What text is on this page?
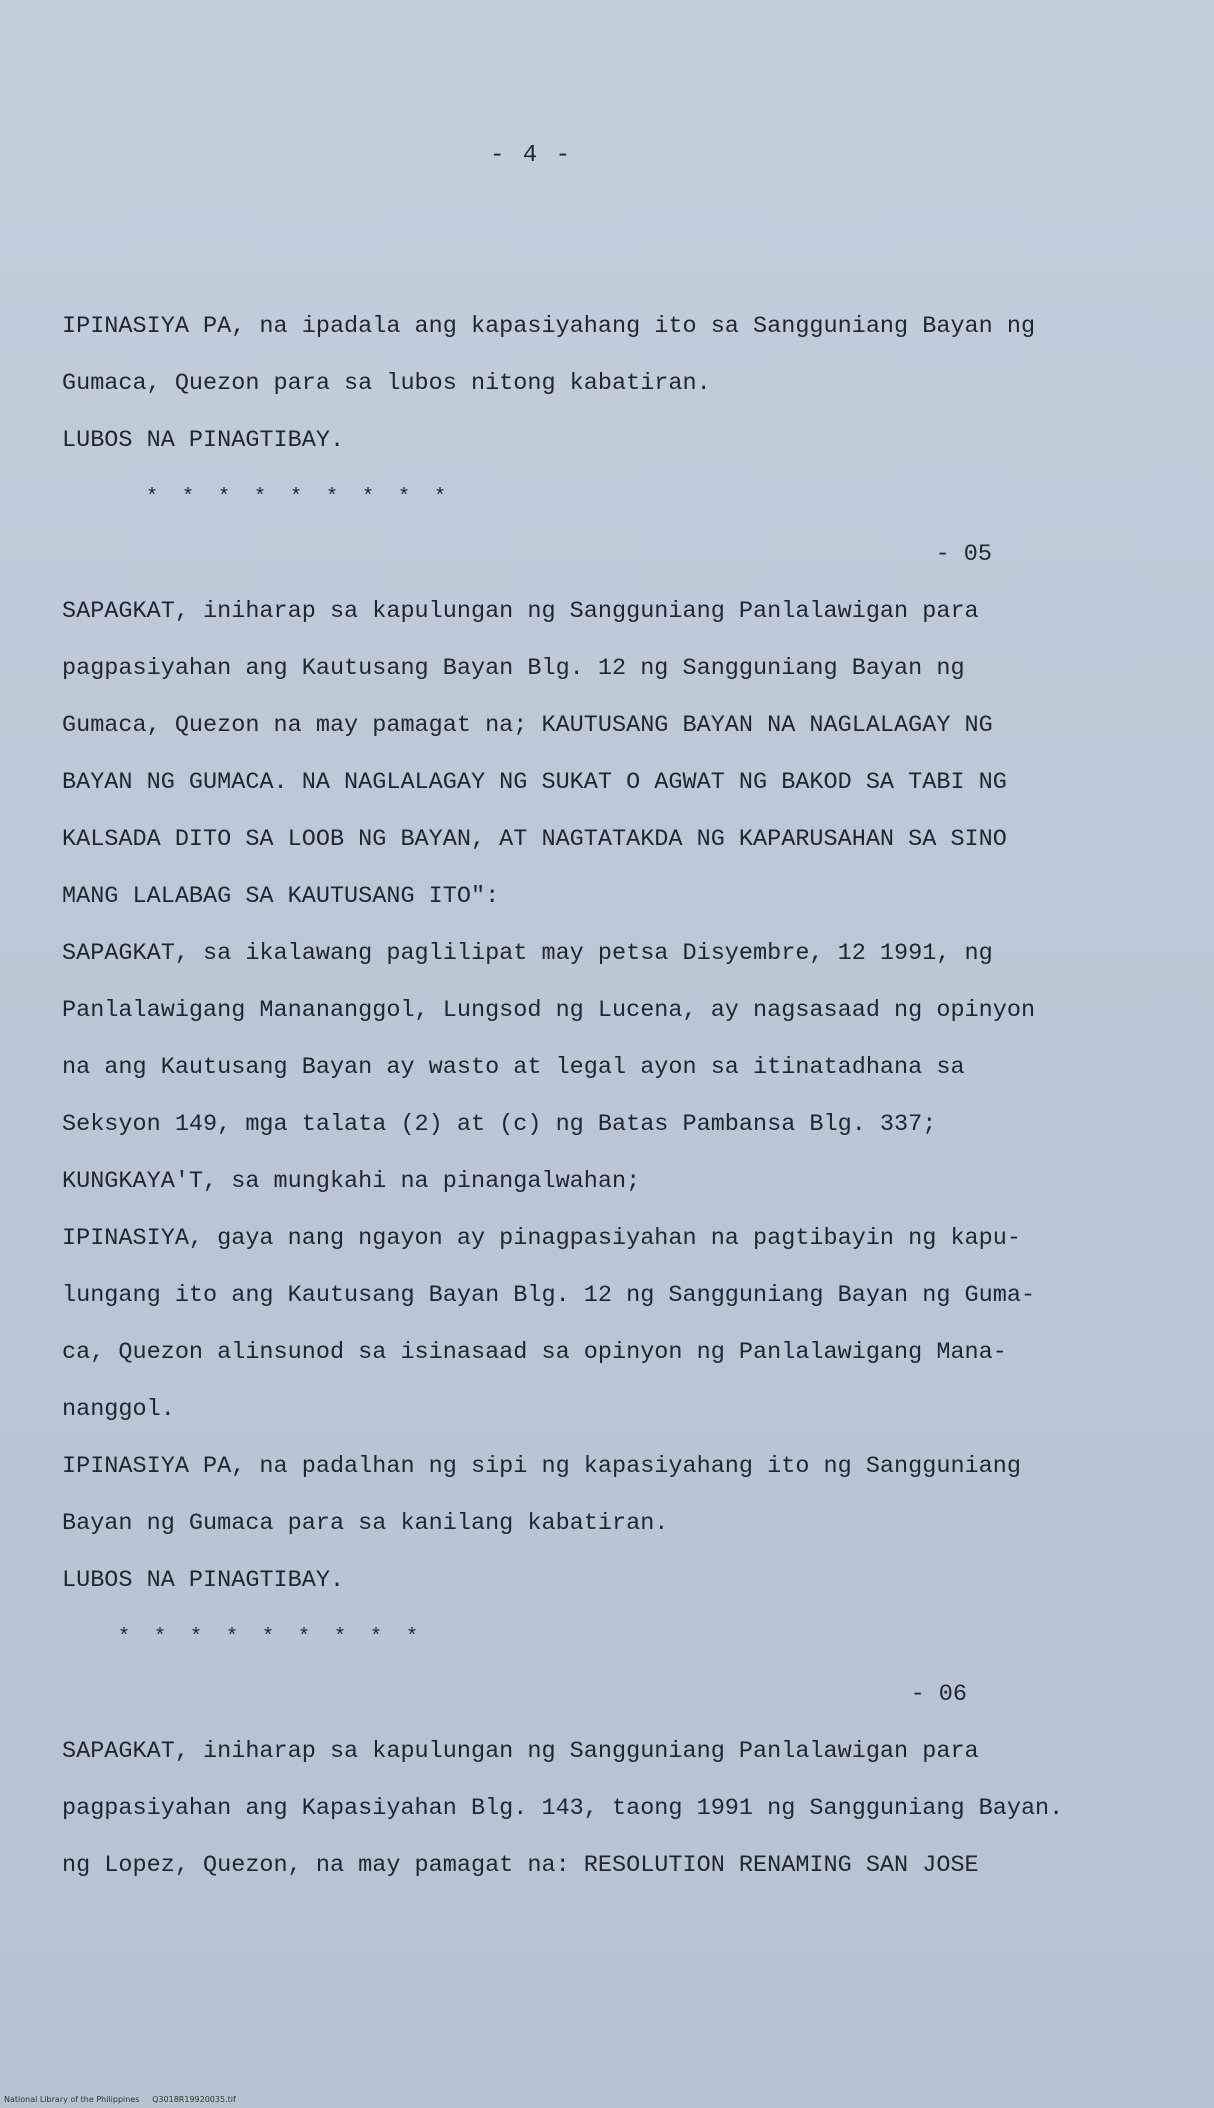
- 4 -
IPINASIYA PA, na ipadala ang kapasiyahang ito sa Sangguniang Bayan ng
Gumaca, Quezon para sa lubos nitong kabatiran.
LUBOS NA PINAGTIBAY.
* * * * * * * * *
- 05
SAPAGKAT, iniharap sa kapulungan ng Sangguniang Panlalawigan para
pagpasiyahan ang Kautusang Bayan Blg. 12 ng Sangguniang Bayan ng
Gumaca, Quezon na may pamagat na; KAUTUSANG BAYAN NA NAGLALAGAY NG
BAYAN NG GUMACA. NA NAGLALAGAY NG SUKAT O AGWAT NG BAKOD SA TABI NG
KALSADA DITO SA LOOB NG BAYAN, AT NAGTATAKDA NG KAPARUSAHAN SA SINO
MANG LALABAG SA KAUTUSANG ITO":
SAPAGKAT, sa ikalawang paglilipat may petsa Disyembre, 12 1991, ng
Panlalawigang Manananggol, Lungsod ng Lucena, ay nagsasaad ng opinyon
na ang Kautusang Bayan ay wasto at legal ayon sa itinatadhana sa
Seksyon 149, mga talata (2) at (c) ng Batas Pambansa Blg. 337;
KUNGKAYA'T, sa mungkahi na pinangalwahan;
IPINASIYA, gaya nang ngayon ay pinagpasiyahan na pagtibayin ng kapu-
lungang ito ang Kautusang Bayan Blg. 12 ng Sangguniang Bayan ng Guma-
ca, Quezon alinsunod sa isinasaad sa opinyon ng Panlalawigang Mana-
nanggol.
IPINASIYA PA, na padalhan ng sipi ng kapasiyahang ito ng Sangguniang
Bayan ng Gumaca para sa kanilang kabatiran.
LUBOS NA PINAGTIBAY.
* * * * * * * * *
- 06
SAPAGKAT, iniharap sa kapulungan ng Sangguniang Panlalawigan para
pagpasiyahan ang Kapasiyahan Blg. 143, taong 1991 ng Sangguniang Bayan.
ng Lopez, Quezon, na may pamagat na: RESOLUTION RENAMING SAN JOSE
National Library of the Philippines     Q3018R19920035.tif
